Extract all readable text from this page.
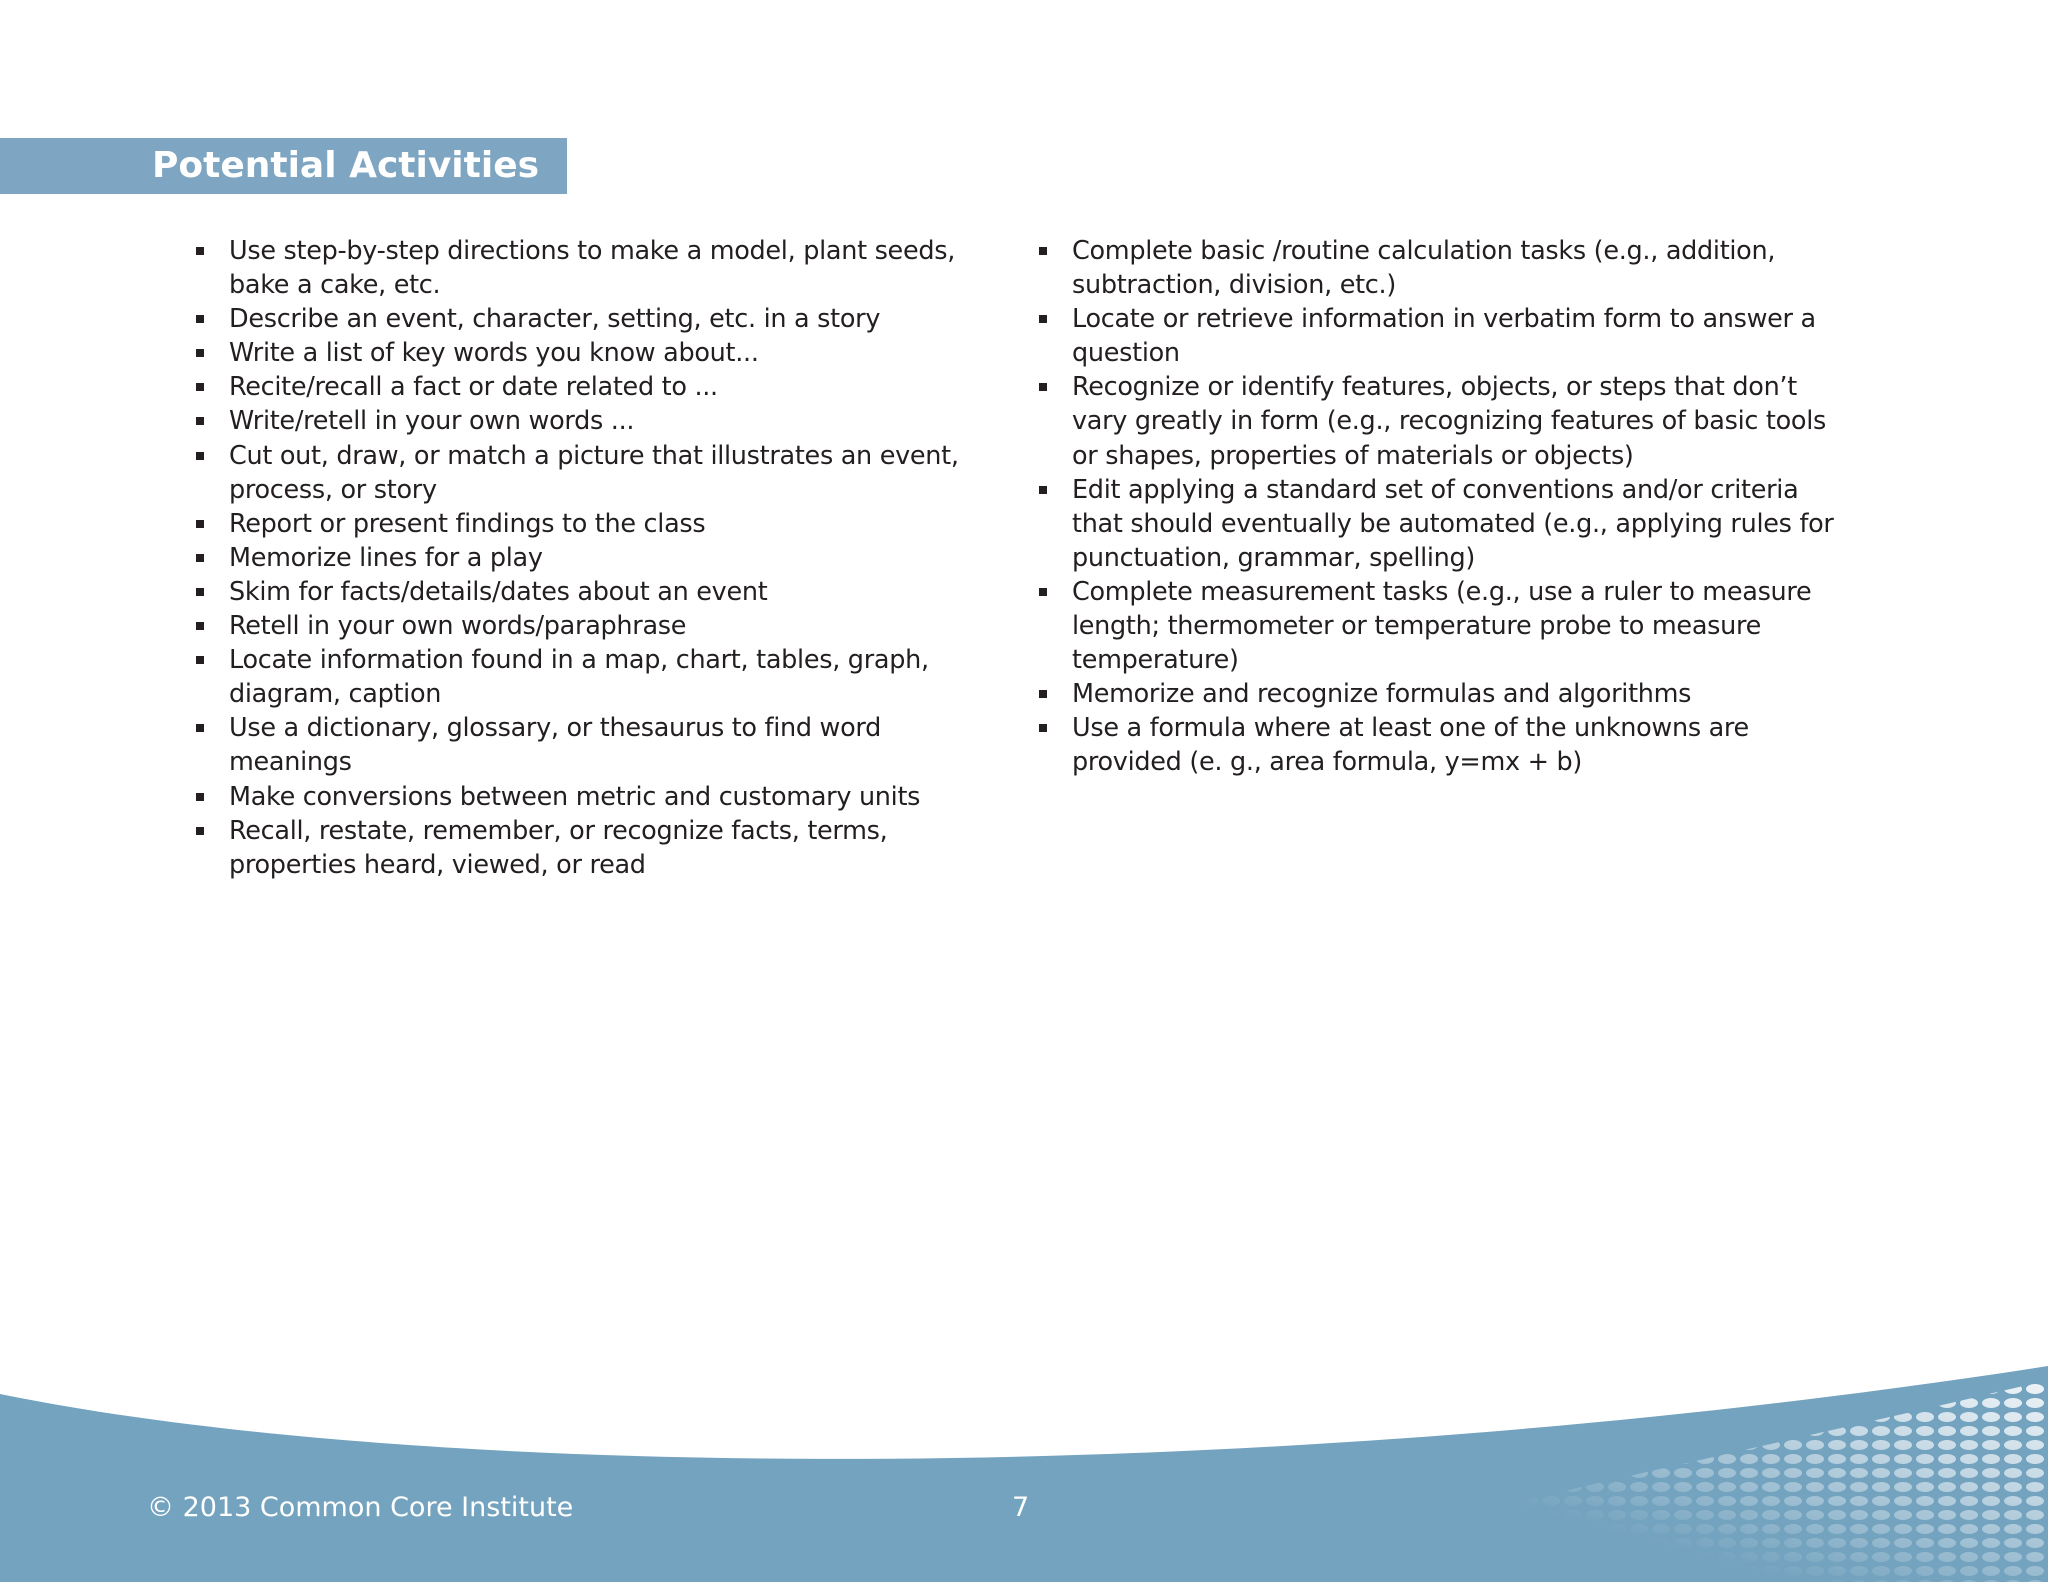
Potential Activities
Use step-by-step directions to make a model, plant seeds, bake a cake, etc.
Describe an event, character, setting, etc. in a story
Write a list of key words you know about...
Recite/recall a fact or date related to ...
Write/retell in your own words ...
Cut out, draw, or match a picture that illustrates an event, process, or story
Report or present findings to the class
Memorize lines for a play
Skim for facts/details/dates about an event
Retell in your own words/paraphrase
Locate information found in a map, chart, tables, graph, diagram, caption
Use a dictionary, glossary, or thesaurus to find word meanings
Make conversions between metric and customary units
Recall, restate, remember, or recognize facts, terms, properties heard, viewed, or read
Complete basic /routine calculation tasks (e.g., addition, subtraction, division, etc.)
Locate or retrieve information in verbatim form to answer a question
Recognize or identify features, objects, or steps that don’t vary greatly in form (e.g., recognizing features of basic tools or shapes, properties of materials or objects)
Edit applying a standard set of conventions and/or criteria that should eventually be automated (e.g., applying rules for punctuation, grammar, spelling)
Complete measurement tasks (e.g., use a ruler to measure length; thermometer or temperature probe to measure temperature)
Memorize and recognize formulas and algorithms
Use a formula where at least one of the unknowns are provided (e. g., area formula, y=mx + b)
© 2013 Common Core Institute	7
